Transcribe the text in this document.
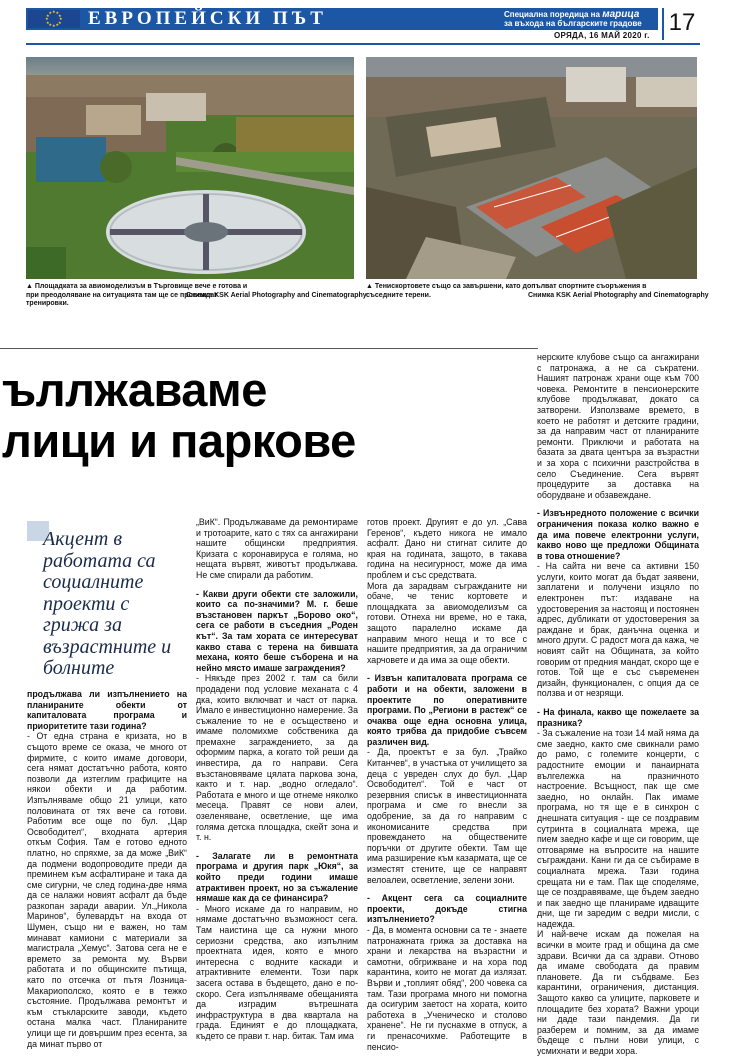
★
★
★
★
★
★
★
★
★ ★ ★
★ ЕВРОПЕЙСКИ ПЪТ	Специална поредица на марица
за въхода на българските градове
ОРЯДА, 16 МАЙ 2020 г. 17
▲ Площадката за авиомоделизъм в Търговище вече е готова и при преодоляване на ситуацията там ще се провеждат тренировки.
Снимка KSK Aerial Photography and Cinematography
▲ Тенискортовете също са завършени, като допълват спортните съоръжения в съседните терени.	Снимка KSK Aerial Photography and Cinematography
ъллжаваме
лици и паркове
Акцент в работата са социалните проекти с грижа за възрастните и болните

продължава ли изпълнението на планираните обекти от капиталовата програма и приоритетите тази година?

- От една страна е кризата, но в същото време се оказа, че много от фирмите, с които имаме договори, сега нямат достатъчно работа, която позволи да изтеглим графиците на някои обекти и да работим. Изпълняваме общо 21 улици, като половината от тях вече са готови. Работим все още по бул. „Цар Освободител“, входната артерия откъм София. Там е готово едното платно, но спряхме, за да може „ВиК“ да подмени водопроводите преди да преминем към асфалтиране и така да сме сигурни, че след година-две няма да се налажи новият асфалт да бъде разкопан заради аварии. Ул.„Никола Маринов“, булевардът на входа от Шумен, също ни е важен, но там минават камиони с материали за магистрала „Хемус“. Затова сега не е времето за ремонта му. Върви работата и по общинските пътища, като по отсечка от пътя Лозница-Макариополско, която е в тежко състояние. Продължава ремонтът и към стъкларските заводи, където остана малка част. Планираните улици ще ги довършим през есента, за да минат първо от

„ВиК“. Продължаваме да ремонтираме и тротоарите, като с тях са ангажирани нашите общински предприятия. Кризата с коронавируса е голяма, но нещата вървят, животът продължава. Не сме спирали да работим.

- Какви други обекти сте заложили, които са по-значими? М. г. беше възстановен паркът „Борово око“, сега се работи в съседния „Роден кът“. За там хората се интересуват какво става с терена на бившата механа, която беше съборена и на нейно място имаше заграждения?

- Някъде през 2002 г. там са били продадени под условие механата с 4 дка, които включват и част от парка. Имало е инвестиционно намерение. За съжаление то не е осъществено и имаме поломихме собственика да премахне заграждението, за да оформим парка, а когато той реши да инвестира, да го направи. Сега възстановяваме цялата паркова зона, както и т. нар. „водно огледало“. Работата е много и ще отнеме няколко месеца. Правят се нови алеи, озеленяване, осветление, ще има голяма детска площадка, скейт зона и т. н.

- Залагате ли в ремонтната програма и другия парк „Юкя“, за който преди години имаше атрактивен проект, но за съжаление нямаше как да се финансира?

- Много искаме да го направим, но нямаме достатъчно възможност сега. Там наистина ще са нужни много сериозни средства, ако изпълним проектната идея, която е много интересна с водните каскади и атрактивните елементи. Този парк засега остава в бъдещето, дано е по-скоро. Сега изпълняваме обещанията да изградим вътрешната инфраструктура в два квартала на града. Единият е до площадката, където се прави т. нар. битак. Там има

готов проект. Другият е до ул. „Сава Геренов“, където никога не имало асфалт. Дано ни стигнат силите до края на годината, защото, в такава година на несигурност, може да има проблем и със средствата.

Мога да зарадвам съгражданите ни обаче, че тенис кортовете и площадката за авиомоделизъм са готови. Отнеха ни време, но е така, защото паралелно искаме да направим много неща и то все с нашите предприятия, за да ограничим харчовете и да има за още обекти.

- Извън капиталовата програма се работи и на обекти, заложени в проектите по оперативните програми. По „Региони в растеж“ се очаква още една основна улица, която трябва да придобие съвсем различен вид.

- Да, проектът е за бул. „Трайко Китанчев“, в участъка от училището за деца с увреден слух до бул. „Цар Освободител“. Той е част от резервния списък в инвестиционната програма и сме го внесли за одобрение, за да го направим с икономисаните средства при провеждането на обществените поръчки от другите обекти. Там ще има разширение към казармата, ще се изместят стените, ще се направят велоалеи, осветление, зелени зони.

- Акцент сега са социалните проекти, докъде стигна изпълнението?

- Да, в момента основни са те - знаете патронажната грижа за доставка на храни и лекарства на възрастни и самотни, обгрижване и на хора под карантина, които не могат да излязат. Върви и „топлият обяд“, 200 човека са там. Тази програма много ни помогна да осигурим заетост на хората, които работеха в „Ученическо и столово хранене“. Не ги пуснахме в отпуск, а ги пренасочихме. Работещите в пенсио-

нерските клубове също са ангажирани с патронажа, а не са съкратени. Нашият патронаж храни още към 700 човека. Ремонтите в пенсионерските клубове продължават, докато са затворени. Използваме времето, в което не работят и детските градини, за да направим част от планираните ремонти. Приключи и работата на базата за двата центъра за възрастни и за хора с психични разстройства в село Съединение. Сега вървят процедурите за доставка на оборудване и обзавеждане.

- Извънредното положение с всички ограничения показа колко важно е да има повече електронни услуги, какво ново ще предложи Общината в това отношение?

- На сайта ни вече са активни 150 услуги, които могат да бъдат заявени, заплатени и получени изцяло по електронен път: издаване на удостоверения за настоящ и постоянен адрес, дубликати от удостоверения за раждане и брак, данъчна оценка и много други. С радост мога да кажа, че новият сайт на Общината, за който говорим от предния мандат, скоро ще е готов. Той ще е със съвременен дизайн, функционален, с опция да се ползва и от незрящи.

- На финала, какво ще пожелаете за празника?

- За съжаление на този 14 май няма да сме заедно, както сме свикнали рамо до рамо, с големите концерти, с радостните емоции и панаирната вългележка на празничното настроение. Всъщност, пак ще сме заедно, но онлайн. Пак имаме програма, но тя ще е в синхрон с днешната ситуация - ще се поздравим сутринта в социалната мрежа, ще пием заедно кафе и ще си говорим, ще отговаряме на въпросите на нашите съграждани. Кани ги да се събираме в социалната мрежа. Тази година срещата ни е там. Пак ще споделяме, ще се поздравяваме, ще бъдем заедно и пак заедно ще планираме идващите дни, ще ги заредим с ведри мисли, с надежда.

И най-вече искам да пожелая на всички в моите град и община да сме здрави. Всички да са здрави. Отново да имаме свободата да правим плановете. Да ги събдваме. Без карантини, ограничения, дистанция. Защото какво са улиците, парковете и площадите без хората? Важни уроци ни даде тази пандемия. Да ги разберем и помним, за да имаме бъдеще с пълни нови улици, с усмихнати и ведри хора.
